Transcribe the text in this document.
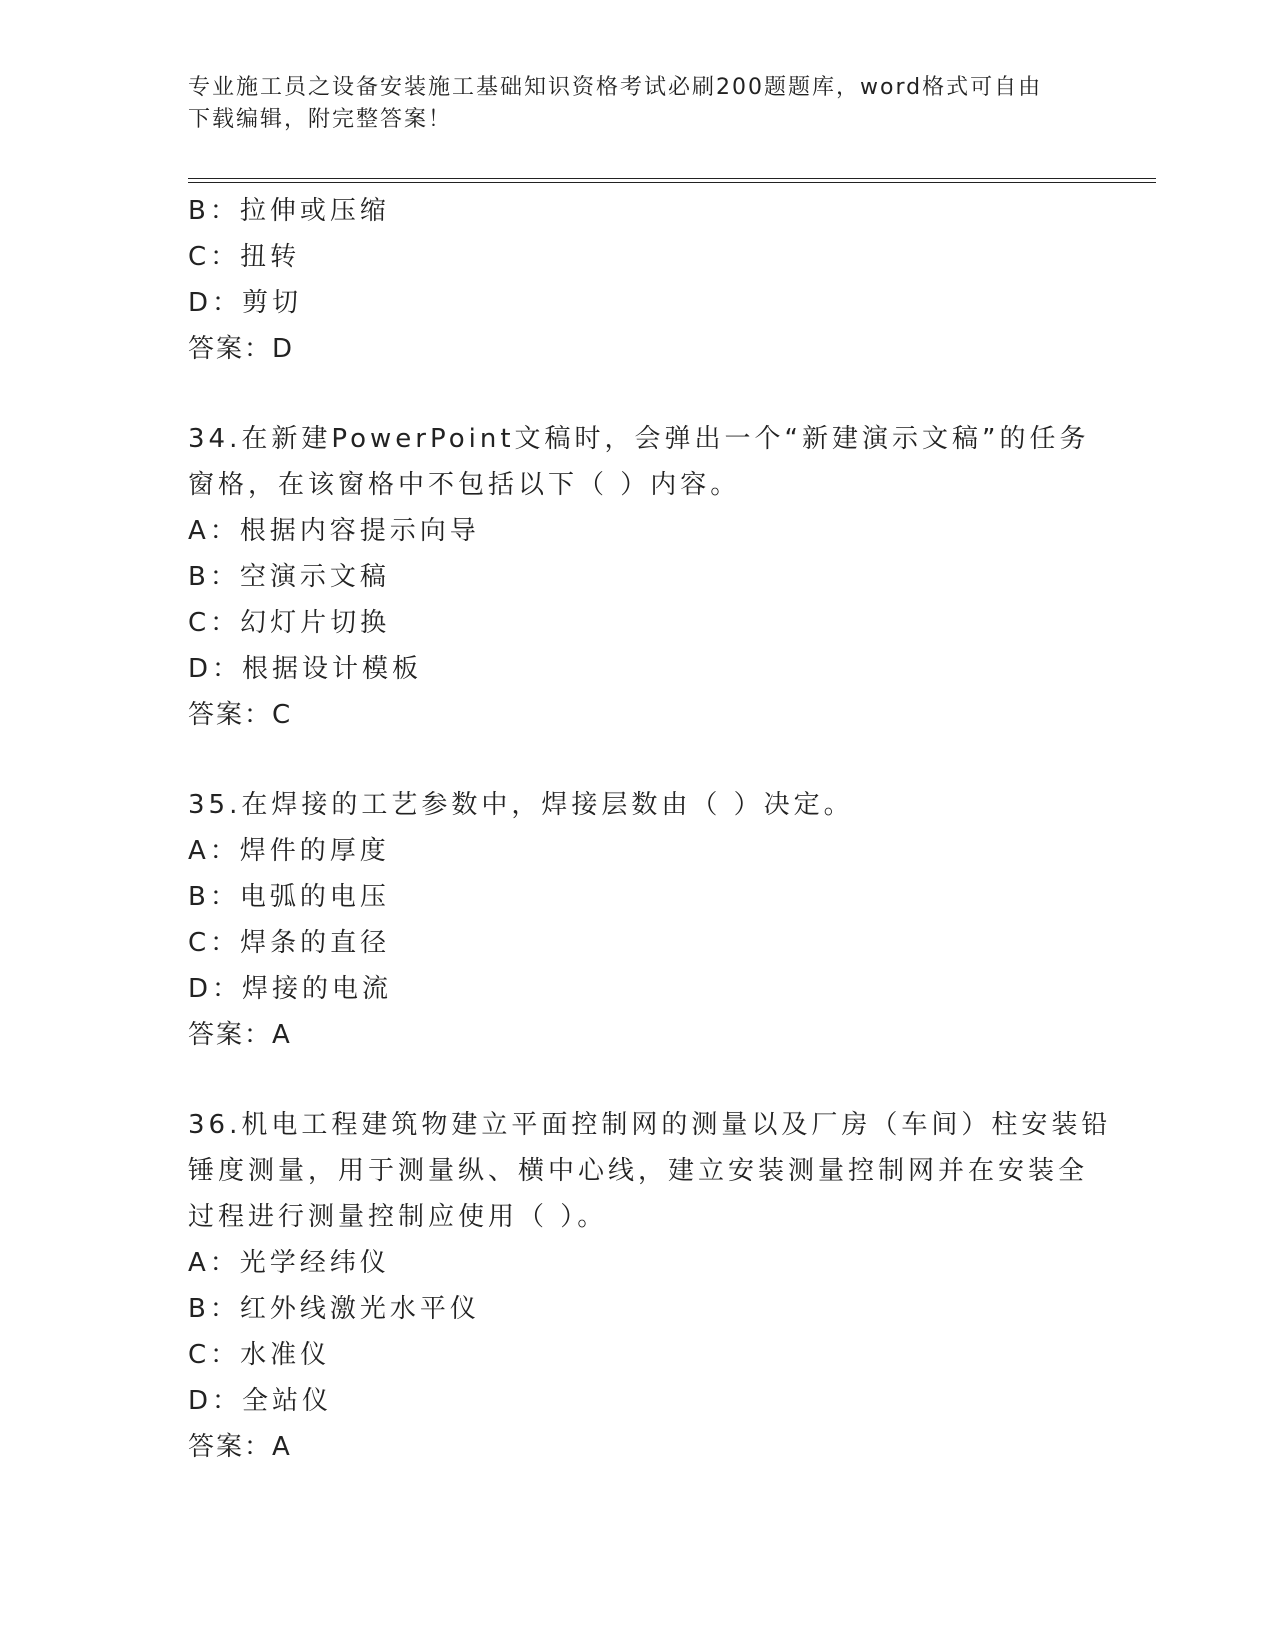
专业施工员之设备安装施工基础知识资格考试必刷200题题库，word格式可自由
下载编辑，附完整答案！
B：拉伸或压缩
C：扭转
D：剪切
答案：D
34.在新建PowerPoint文稿时，会弹出一个“新建演示文稿”的任务
窗格，在该窗格中不包括以下（ ）内容。
A：根据内容提示向导
B：空演示文稿
C：幻灯片切换
D：根据设计模板
答案：C
35.在焊接的工艺参数中，焊接层数由（ ）决定。
A：焊件的厚度
B：电弧的电压
C：焊条的直径
D：焊接的电流
答案：A
36.机电工程建筑物建立平面控制网的测量以及厂房（车间）柱安装铅
锤度测量，用于测量纵、横中心线，建立安装测量控制网并在安装全
过程进行测量控制应使用（ ）。
A：光学经纬仪
B：红外线激光水平仪
C：水准仪
D：全站仪
答案：A
